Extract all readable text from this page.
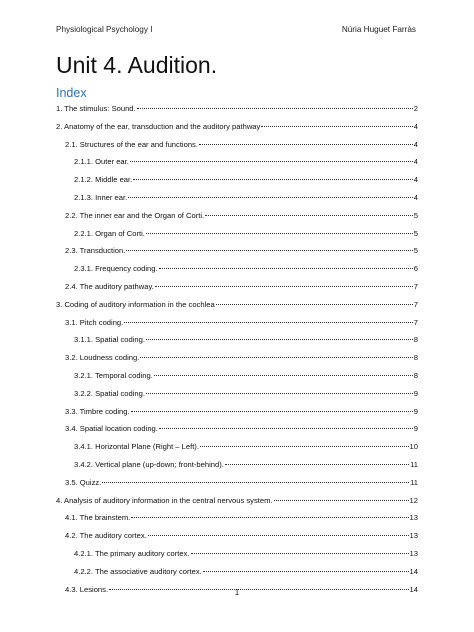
Physiological Psychology I	Núria Huguet Farràs
Unit 4. Audition.
Index
1. The stimulus: Sound.	2
2. Anatomy of the ear, transduction and the auditory pathway	4
2.1. Structures of the ear and functions.	4
2.1.1. Outer ear.	4
2.1.2. Middle ear.	4
2.1.3. Inner ear.	4
2.2. The inner ear and the Organ of Corti.	5
2.2.1. Organ of Corti.	5
2.3. Transduction.	5
2.3.1. Frequency coding.	6
2.4. The auditory pathway.	7
3. Coding of auditory information in the cochlea	7
3.1. Pitch coding.	7
3.1.1. Spatial coding.	8
3.2. Loudness coding.	8
3.2.1. Temporal coding.	8
3.2.2. Spatial coding.	9
3.3. Timbre coding.	9
3.4. Spatial location coding.	9
3.4.1. Horizontal Plane (Right – Left).	10
3.4.2. Vertical plane (up-down; front-behind).	11
3.5. Quizz.	11
4. Analysis of auditory information in the central nervous system.	12
4.1. The brainstem.	13
4.2. The auditory cortex.	13
4.2.1. The primary auditory cortex.	13
4.2.2. The associative auditory cortex.	14
4.3. Lesions.	14
1
